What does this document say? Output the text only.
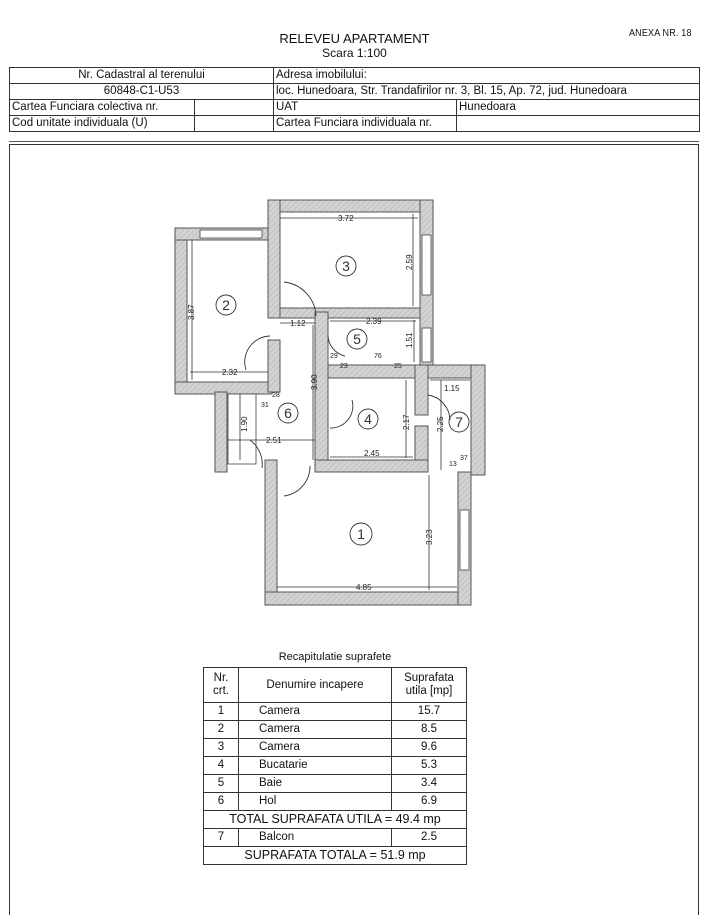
RELEVEU APARTAMENT
Scara 1:100
ANEXA NR. 18
Nr. Cadastral al terenului		Adresa imobilului:	
60848-C1-U53		loc. Hunedoara, Str. Trandafirilor nr. 3, Bl. 15, Ap. 72, jud. Hunedoara	
Cartea Funciara colectiva nr.		UAT	Hunedoara
Cod unitate individuala (U)		Cartea Funciara individuala nr.	
3.72
2.59
3.87
2.32
1.12	2.39
1.51
29
23
76
25
3.90
28
31
1.90
2.51
2.17
2.45
1.15
2.25
13
37
3.23
4.85
2
3
5
6	4	7
1
Recapitulatie suprafete
Nr. crt.	Denumire incapere	Suprafata utila [mp]
1	Camera	15.7
2	Camera	8.5
3	Camera	9.6
4	Bucatarie	5.3
5	Baie	3.4
6	Hol	6.9
TOTAL SUPRAFATA UTILA = 49.4 mp		
7	Balcon	2.5
SUPRAFATA TOTALA = 51.9 mp		
